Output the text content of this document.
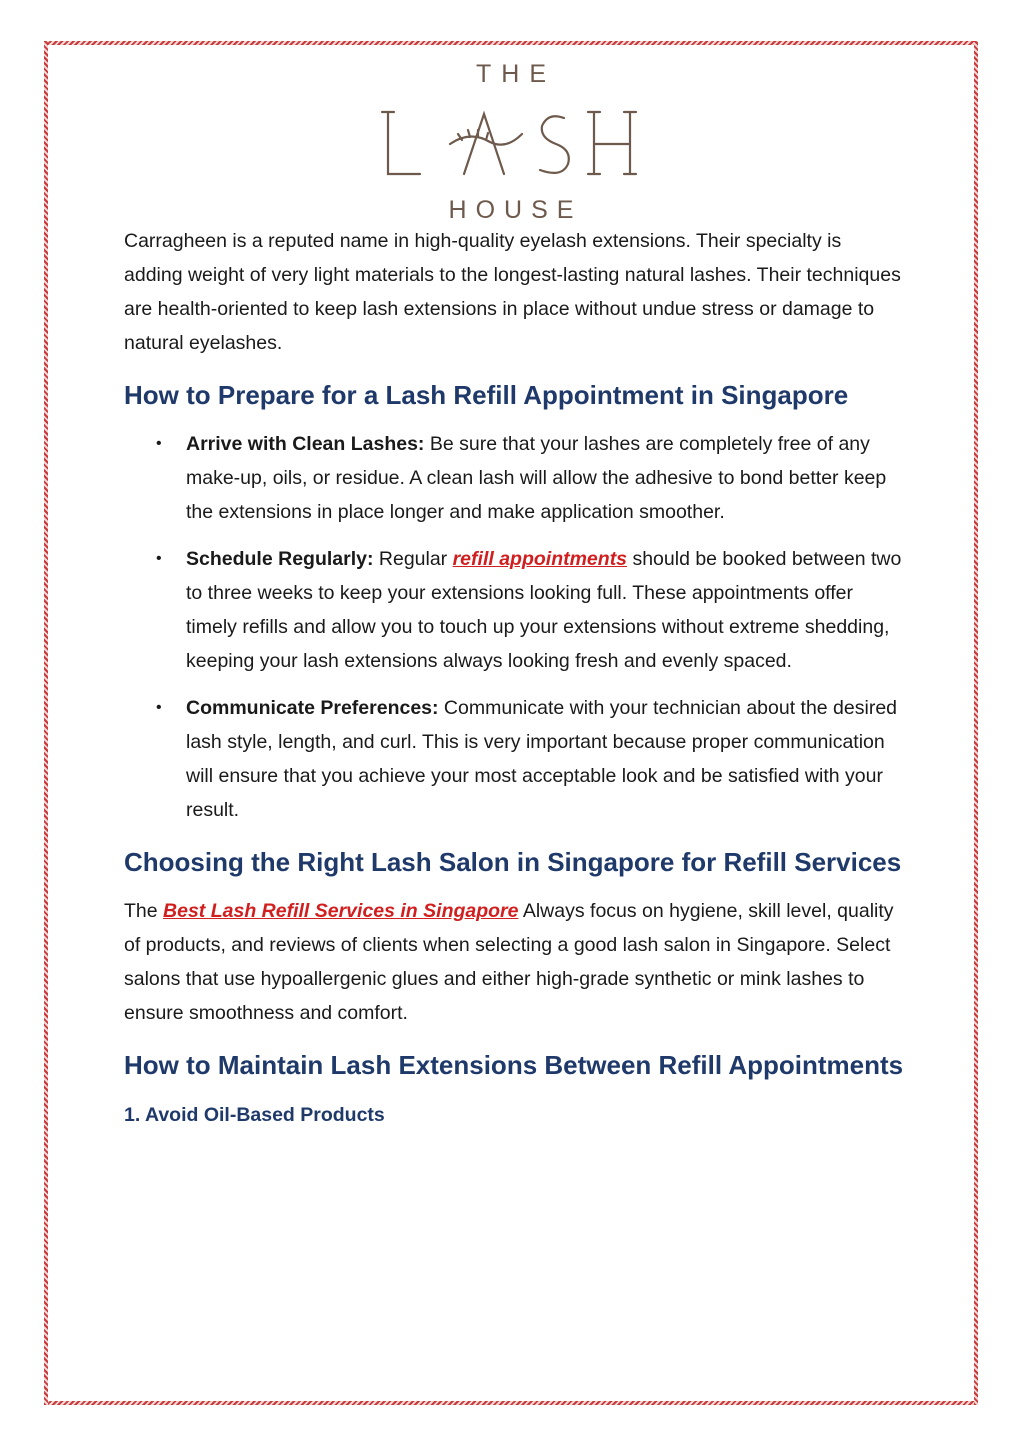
THE
HOUSE

Carragheen is a reputed name in high-quality eyelash extensions. Their specialty is adding weight of very light materials to the longest-lasting natural lashes. Their techniques are health-oriented to keep lash extensions in place without undue stress or damage to natural eyelashes.

How to Prepare for a Lash Refill Appointment in Singapore
• Arrive with Clean Lashes: Be sure that your lashes are completely free of any make-up, oils, or residue. A clean lash will allow the adhesive to bond better keep the extensions in place longer and make application smoother.
• Schedule Regularly: Regular refill appointments should be booked between two to three weeks to keep your extensions looking full. These appointments offer timely refills and allow you to touch up your extensions without extreme shedding, keeping your lash extensions always looking fresh and evenly spaced.
• Communicate Preferences: Communicate with your technician about the desired lash style, length, and curl. This is very important because proper communication will ensure that you achieve your most acceptable look and be satisfied with your result.
Choosing the Right Lash Salon in Singapore for Refill Services

The Best Lash Refill Services in Singapore Always focus on hygiene, skill level, quality of products, and reviews of clients when selecting a good lash salon in Singapore. Select salons that use hypoallergenic glues and either high-grade synthetic or mink lashes to ensure smoothness and comfort.

How to Maintain Lash Extensions Between Refill Appointments
1. Avoid Oil-Based Products
